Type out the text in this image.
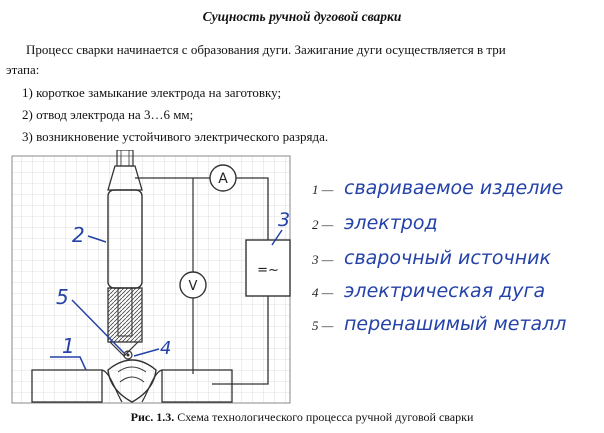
Сущность ручной дуговой сварки
Процесс сварки начинается с образования дуги. Зажигание дуги осуществляется в три
этапа:
1) короткое замыкание электрода на заготовку;
2) отвод электрода на 3…6 мм;
3) возникновение устойчивого электрического разряда.
A
V
=~
2
5
4
1
3
1 — свариваемое изделие
2 — электрод
3 — сварочный источник
4 — электрическая дуга
5 — перенашимый металл
Рис. 1.3. Схема технологического процесса ручной дуговой сварки
